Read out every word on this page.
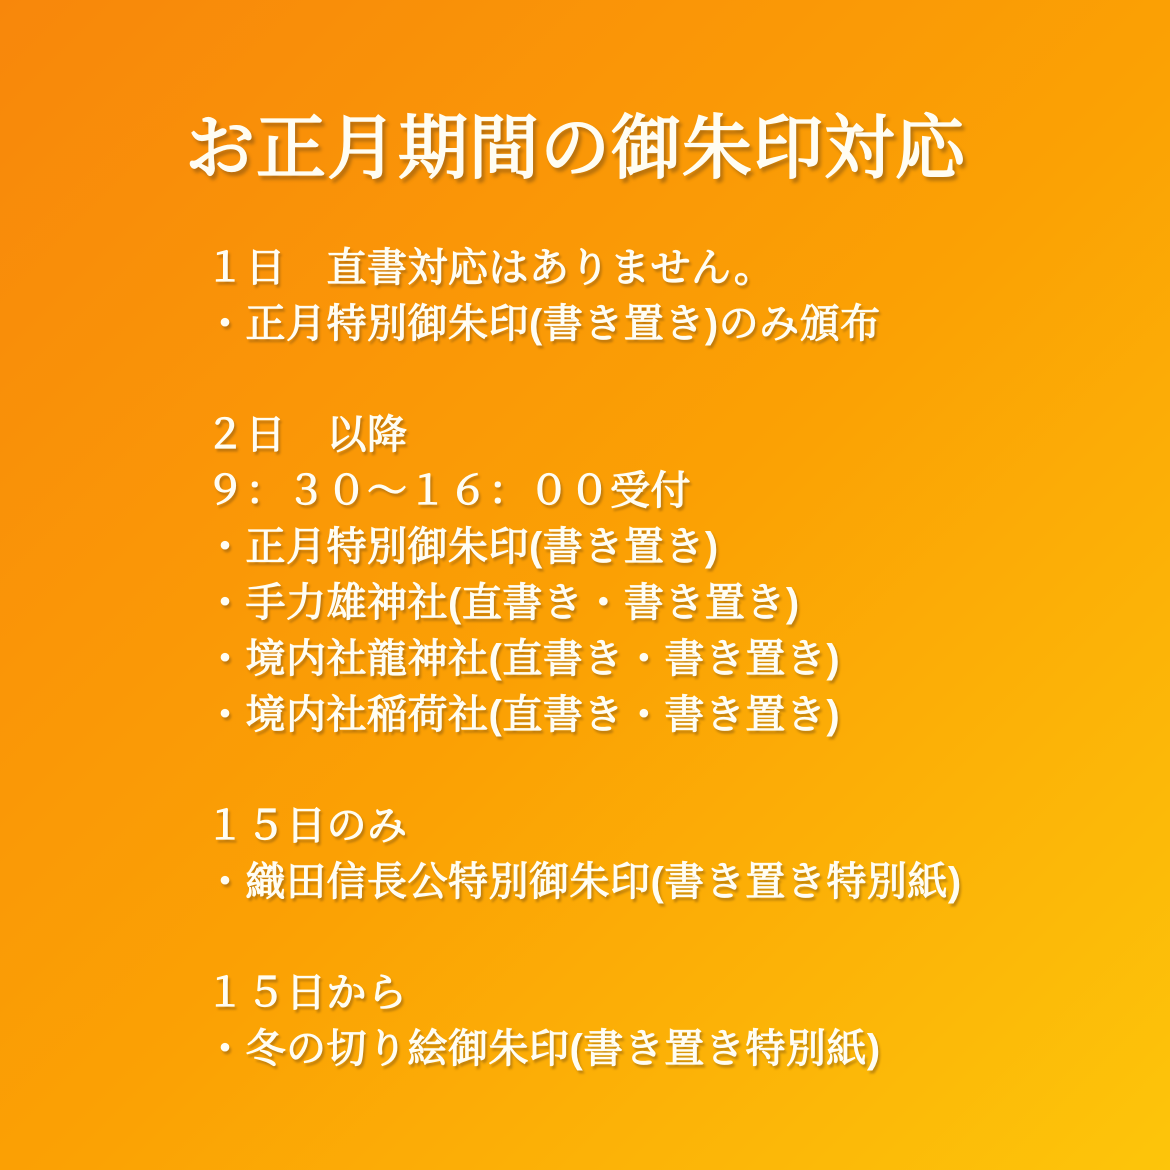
お正月期間の御朱印対応
１日　直書対応はありません。
・正月特別御朱印(書き置き)のみ頒布
２日　以降
９：３０〜１６：００受付
・正月特別御朱印(書き置き)
・手力雄神社(直書き・書き置き)
・境内社龍神社(直書き・書き置き)
・境内社稲荷社(直書き・書き置き)
１５日のみ
・織田信長公特別御朱印(書き置き特別紙)
１５日から
・冬の切り絵御朱印(書き置き特別紙)
